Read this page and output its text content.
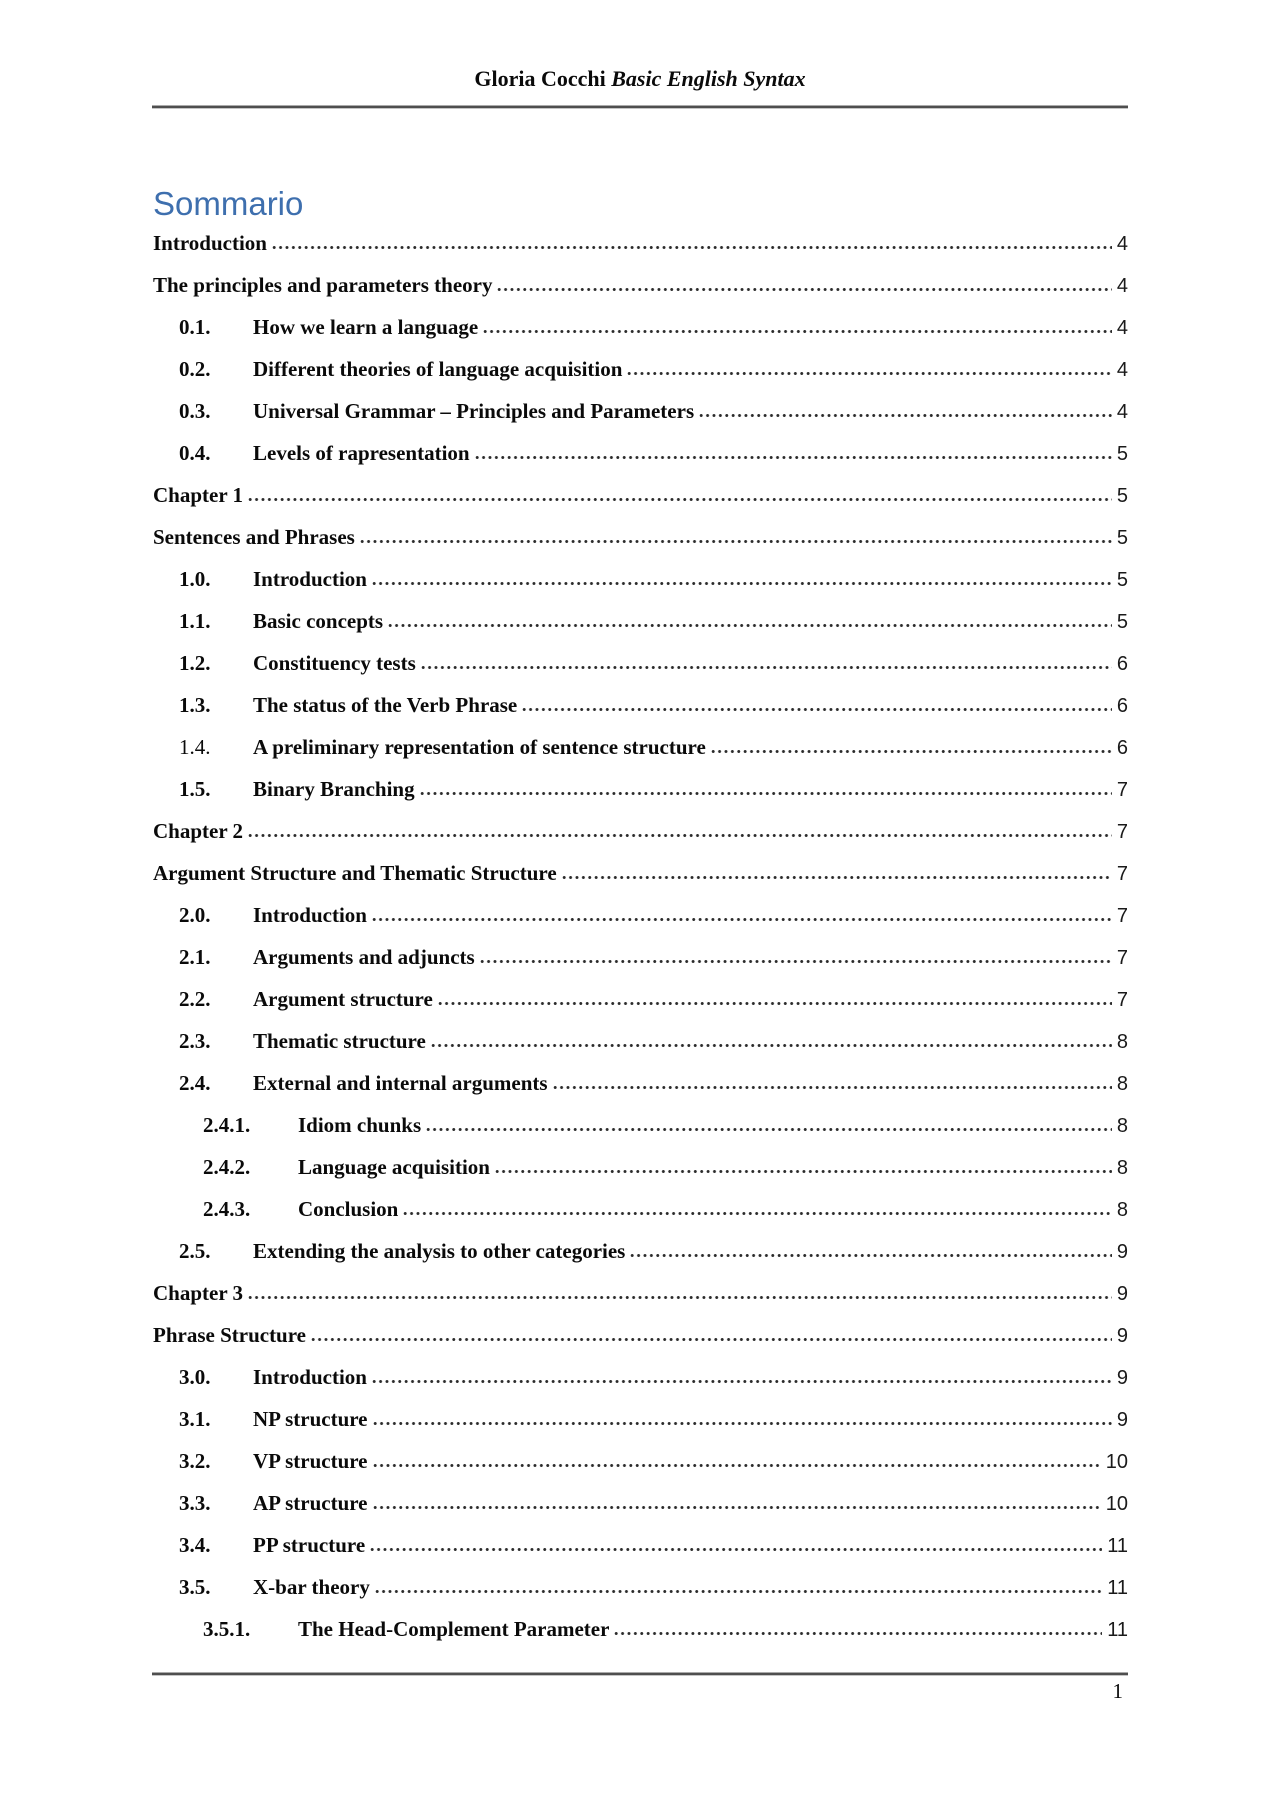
Gloria Cocchi Basic English Syntax
Sommario
Introduction	4
The principles and parameters theory	4
0.1.	How we learn a language	4
0.2.	Different theories of language acquisition	4
0.3.	Universal Grammar – Principles and Parameters	4
0.4.	Levels of rapresentation	5
Chapter 1	5
Sentences and Phrases	5
1.0.	Introduction	5
1.1.	Basic concepts	5
1.2.	Constituency tests	6
1.3.	The status of the Verb Phrase	6
1.4.	A preliminary representation of sentence structure	6
1.5.	Binary Branching	7
Chapter 2	7
Argument Structure and Thematic Structure	7
2.0.	Introduction	7
2.1.	Arguments and adjuncts	7
2.2.	Argument structure	7
2.3.	Thematic structure	8
2.4.	External and internal arguments	8
2.4.1.	Idiom chunks	8
2.4.2.	Language acquisition	8
2.4.3.	Conclusion	8
2.5.	Extending the analysis to other categories	9
Chapter 3	9
Phrase Structure	9
3.0.	Introduction	9
3.1.	NP structure	9
3.2.	VP structure	10
3.3.	AP structure	10
3.4.	PP structure	11
3.5.	X-bar theory	11
3.5.1.	The Head-Complement Parameter	11
1
